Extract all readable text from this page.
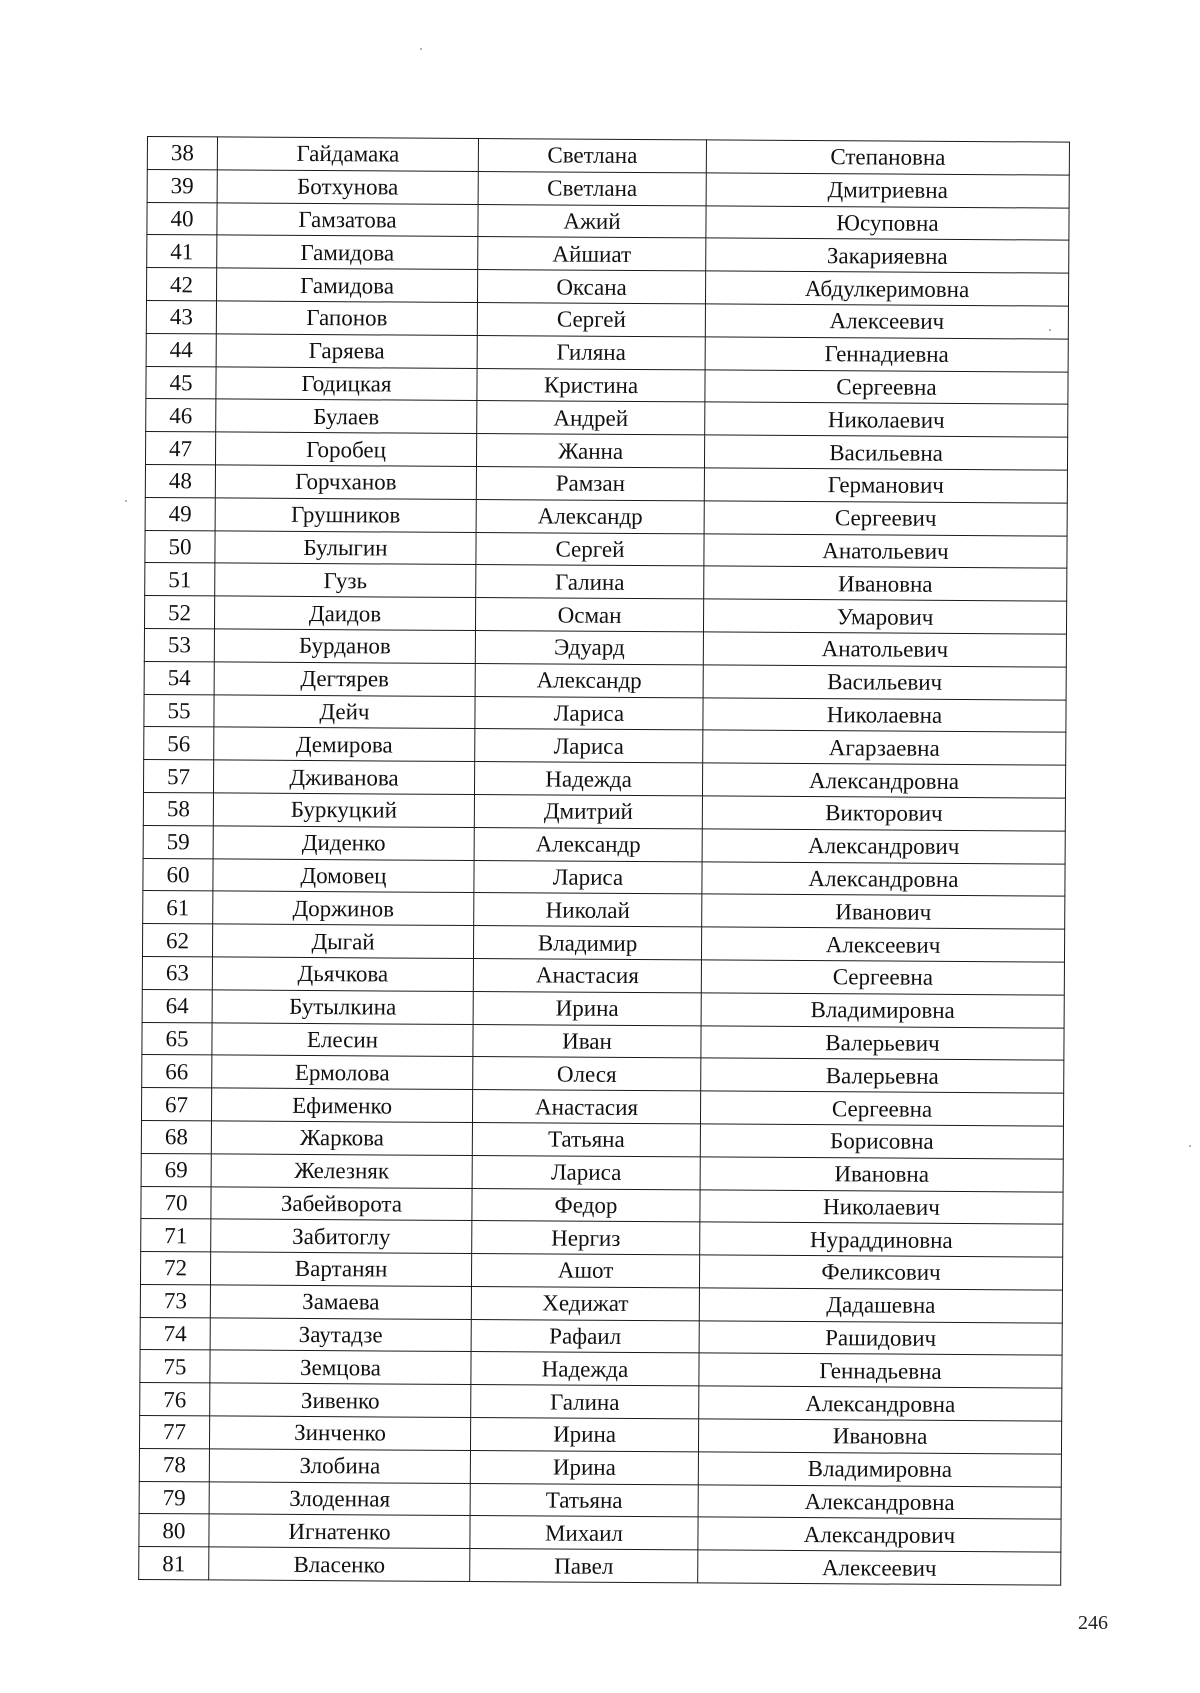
38	Гайдамака	Светлана	Степановна
39	Ботхунова	Светлана	Дмитриевна
40	Гамзатова	Ажий	Юсуповна
41	Гамидова	Айшиат	Закарияевна
42	Гамидова	Оксана	Абдулкеримовна
43	Гапонов	Сергей	Алексеевич
44	Гаряева	Гиляна	Геннадиевна
45	Годицкая	Кристина	Сергеевна
46	Булаев	Андрей	Николаевич
47	Горобец	Жанна	Васильевна
48	Горчханов	Рамзан	Германович
49	Грушников	Александр	Сергеевич
50	Булыгин	Сергей	Анатольевич
51	Гузь	Галина	Ивановна
52	Даидов	Осман	Умарович
53	Бурданов	Эдуард	Анатольевич
54	Дегтярев	Александр	Васильевич
55	Дейч	Лариса	Николаевна
56	Демирова	Лариса	Агарзаевна
57	Дживанова	Надежда	Александровна
58	Буркуцкий	Дмитрий	Викторович
59	Диденко	Александр	Александрович
60	Домовец	Лариса	Александровна
61	Доржинов	Николай	Иванович
62	Дыгай	Владимир	Алексеевич
63	Дьячкова	Анастасия	Сергеевна
64	Бутылкина	Ирина	Владимировна
65	Елесин	Иван	Валерьевич
66	Ермолова	Олеся	Валерьевна
67	Ефименко	Анастасия	Сергеевна
68	Жаркова	Татьяна	Борисовна
69	Железняк	Лариса	Ивановна
70	Забейворота	Федор	Николаевич
71	Забитоглу	Нергиз	Нураддиновна
72	Вартанян	Ашот	Феликсович
73	Замаева	Хедижат	Дадашевна
74	Заутадзе	Рафаил	Рашидович
75	Земцова	Надежда	Геннадьевна
76	Зивенко	Галина	Александровна
77	Зинченко	Ирина	Ивановна
78	Злобина	Ирина	Владимировна
79	Злоденная	Татьяна	Александровна
80	Игнатенко	Михаил	Александрович
81	Власенко	Павел	Алексеевич
246
